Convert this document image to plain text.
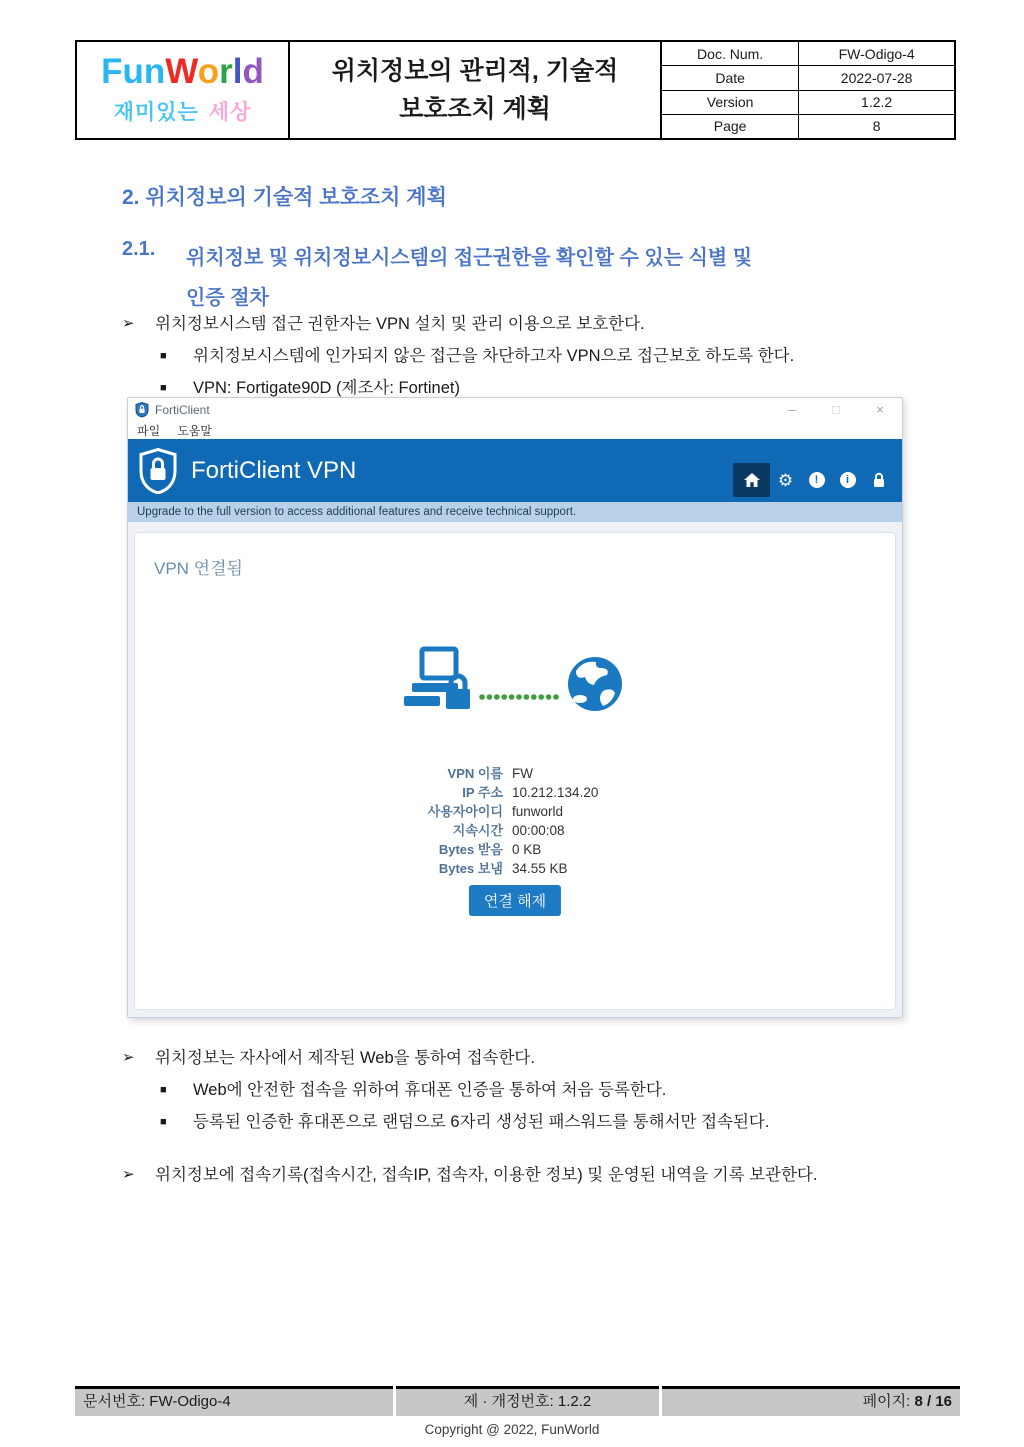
FunWorld
재미있는 세상
위치정보의 관리적, 기술적
보호조치 계획
Doc. Num.	FW-Odigo-4
Date	2022-07-28
Version	1.2.2
Page	8
2. 위치정보의 기술적 보호조치 계획
2.1.	위치정보 및 위치정보시스템의 접근권한을 확인할 수 있는 식별 및
인증 절차
➢	위치정보시스템 접근 권한자는 VPN 설치 및 관리 이용으로 보호한다.
■	위치정보시스템에 인가되지 않은 접근을 차단하고자 VPN으로 접근보호 하도록 한다.
■	VPN: Fortigate90D (제조사: Fortinet)
FortiClient	–	□	×
파일 도움말
FortiClient VPN	⚙	!	i
Upgrade to the full version to access additional features and receive technical support.
VPN 연결됨
VPN 이름 FW
IP 주소 10.212.134.20
사용자아이디 funworld
지속시간 00:00:08
Bytes 받음 0 KB
Bytes 보냄 34.55 KB
연결 해제
➢	위치정보는 자사에서 제작된 Web을 통하여 접속한다.
■	Web에 안전한 접속을 위하여 휴대폰 인증을 통하여 처음 등록한다.
■	등록된 인증한 휴대폰으로 랜덤으로 6자리 생성된 패스워드를 통해서만 접속된다.
➢	위치정보에 접속기록(접속시간, 접속IP, 접속자, 이용한 정보) 및 운영된 내역을 기록 보관한다.
문서번호: FW-Odigo-4	제 · 개정번호: 1.2.2	페이지: 8 / 16
Copyright @ 2022, FunWorld
